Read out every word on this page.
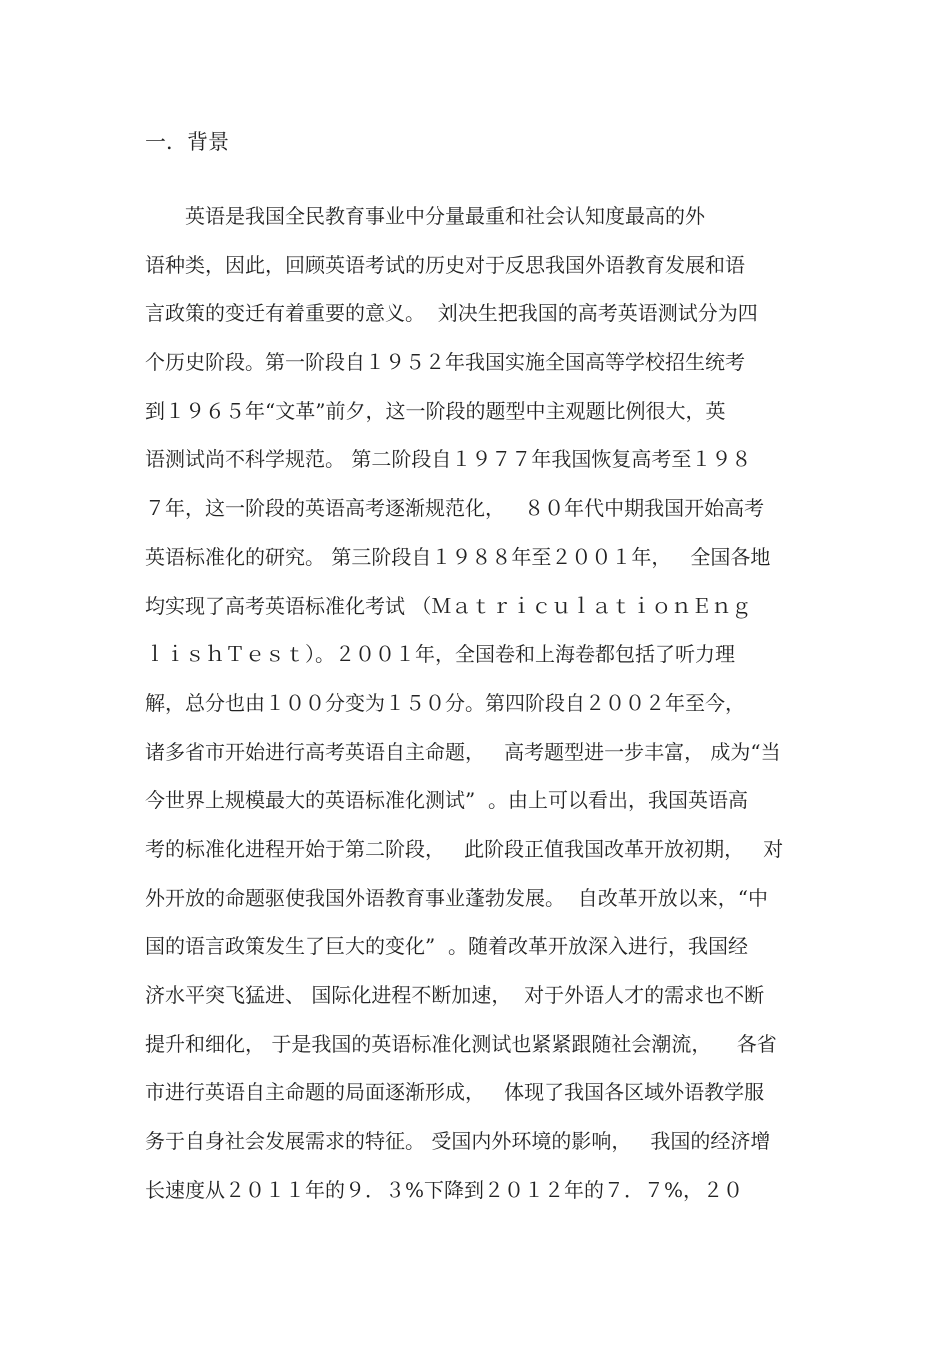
一．背景
　　英语是我国全民教育事业中分量最重和社会认知度最高的外
语种类，因此，回顾英语考试的历史对于反思我国外语教育发展和语
言政策的变迁有着重要的意义。  刘决生把我国的高考英语测试分为四
个历史阶段。第一阶段自１９５２年我国实施全国高等学校招生统考
到１９６５年“文革”前夕，这一阶段的题型中主观题比例很大，英
语测试尚不科学规范。 第二阶段自１９７７年我国恢复高考至１９８
７年，这一阶段的英语高考逐渐规范化，   ８０年代中期我国开始高考
英语标准化的研究。 第三阶段自１９８８年至２００１年，   全国各地
均实现了高考英语标准化考试 （ＭａｔｒｉｃｕｌａｔｉｏｎＥｎｇ
ｌｉｓｈＴｅｓｔ）。２００１年，全国卷和上海卷都包括了听力理
解，总分也由１００分变为１５０分。第四阶段自２００２年至今，
诸多省市开始进行高考英语自主命题，   高考题型进一步丰富， 成为“当
今世界上规模最大的英语标准化测试”  。由上可以看出，我国英语高
考的标准化进程开始于第二阶段，   此阶段正值我国改革开放初期，   对
外开放的命题驱使我国外语教育事业蓬勃发展。  自改革开放以来，“中
国的语言政策发生了巨大的变化”  。随着改革开放深入进行，我国经
济水平突飞猛进、 国际化进程不断加速，  对于外语人才的需求也不断
提升和细化， 于是我国的英语标准化测试也紧紧跟随社会潮流，    各省
市进行英语自主命题的局面逐渐形成，   体现了我国各区域外语教学服
务于自身社会发展需求的特征。 受国内外环境的影响，   我国的经济增
长速度从２０１１年的９．３%下降到２０１２年的７．７%，２０
